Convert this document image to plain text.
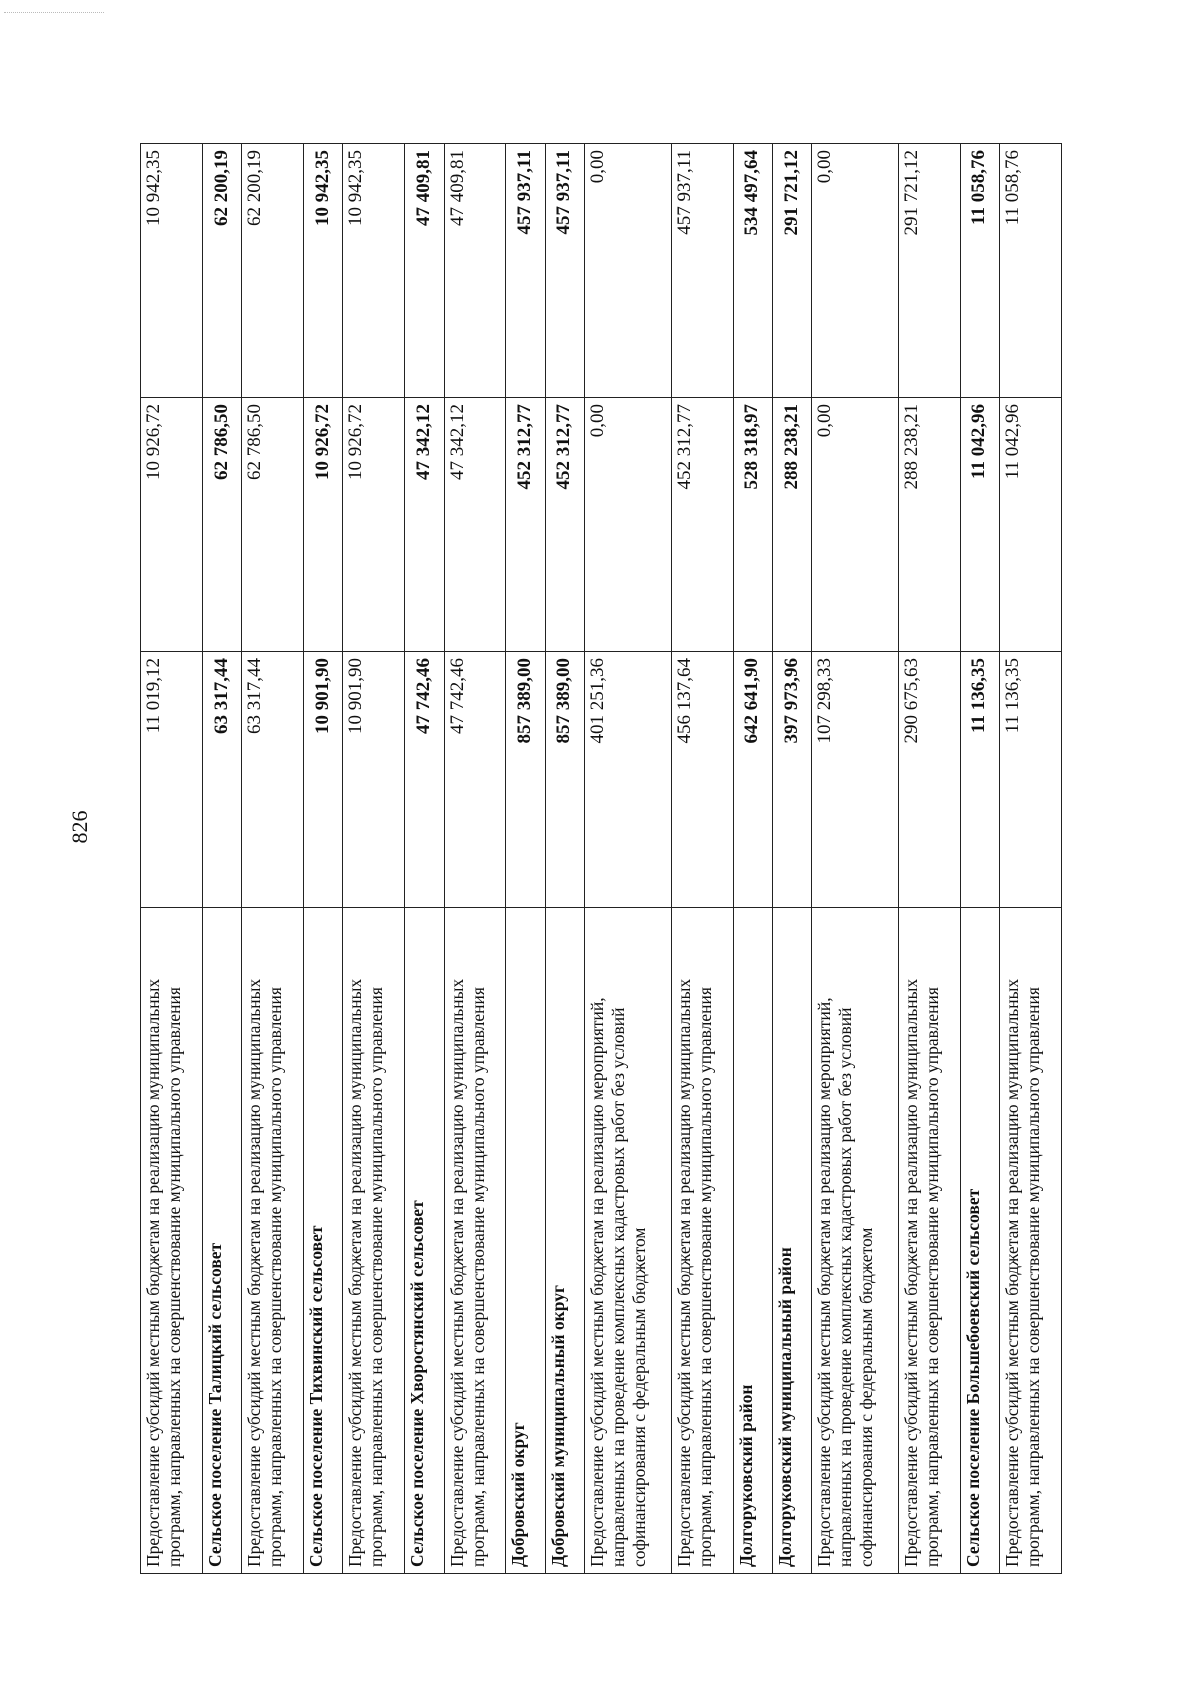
826
Предоставление субсидий местным бюджетам на реализацию муниципальных программ, направленных на совершенствование муниципального управления	11 019,12	10 926,72	10 942,35
Сельское поселение Талицкий сельсовет	63 317,44	62 786,50	62 200,19
Предоставление субсидий местным бюджетам на реализацию муниципальных программ, направленных на совершенствование муниципального управления	63 317,44	62 786,50	62 200,19
Сельское поселение Тихвинский сельсовет	10 901,90	10 926,72	10 942,35
Предоставление субсидий местным бюджетам на реализацию муниципальных программ, направленных на совершенствование муниципального управления	10 901,90	10 926,72	10 942,35
Сельское поселение Хворостянский сельсовет	47 742,46	47 342,12	47 409,81
Предоставление субсидий местным бюджетам на реализацию муниципальных программ, направленных на совершенствование муниципального управления	47 742,46	47 342,12	47 409,81
Добровский округ	857 389,00	452 312,77	457 937,11
Добровский муниципальный округ	857 389,00	452 312,77	457 937,11
Предоставление субсидий местным бюджетам на реализацию мероприятий, направленных на проведение комплексных кадастровых работ без условий софинансирования с федеральным бюджетом	401 251,36	0,00	0,00
Предоставление субсидий местным бюджетам на реализацию муниципальных программ, направленных на совершенствование муниципального управления	456 137,64	452 312,77	457 937,11
Долгоруковский район	642 641,90	528 318,97	534 497,64
Долгоруковский муниципальный район	397 973,96	288 238,21	291 721,12
Предоставление субсидий местным бюджетам на реализацию мероприятий, направленных на проведение комплексных кадастровых работ без условий софинансирования с федеральным бюджетом	107 298,33	0,00	0,00
Предоставление субсидий местным бюджетам на реализацию муниципальных программ, направленных на совершенствование муниципального управления	290 675,63	288 238,21	291 721,12
Сельское поселение Большебоевский сельсовет	11 136,35	11 042,96	11 058,76
Предоставление субсидий местным бюджетам на реализацию муниципальных программ, направленных на совершенствование муниципального управления	11 136,35	11 042,96	11 058,76
